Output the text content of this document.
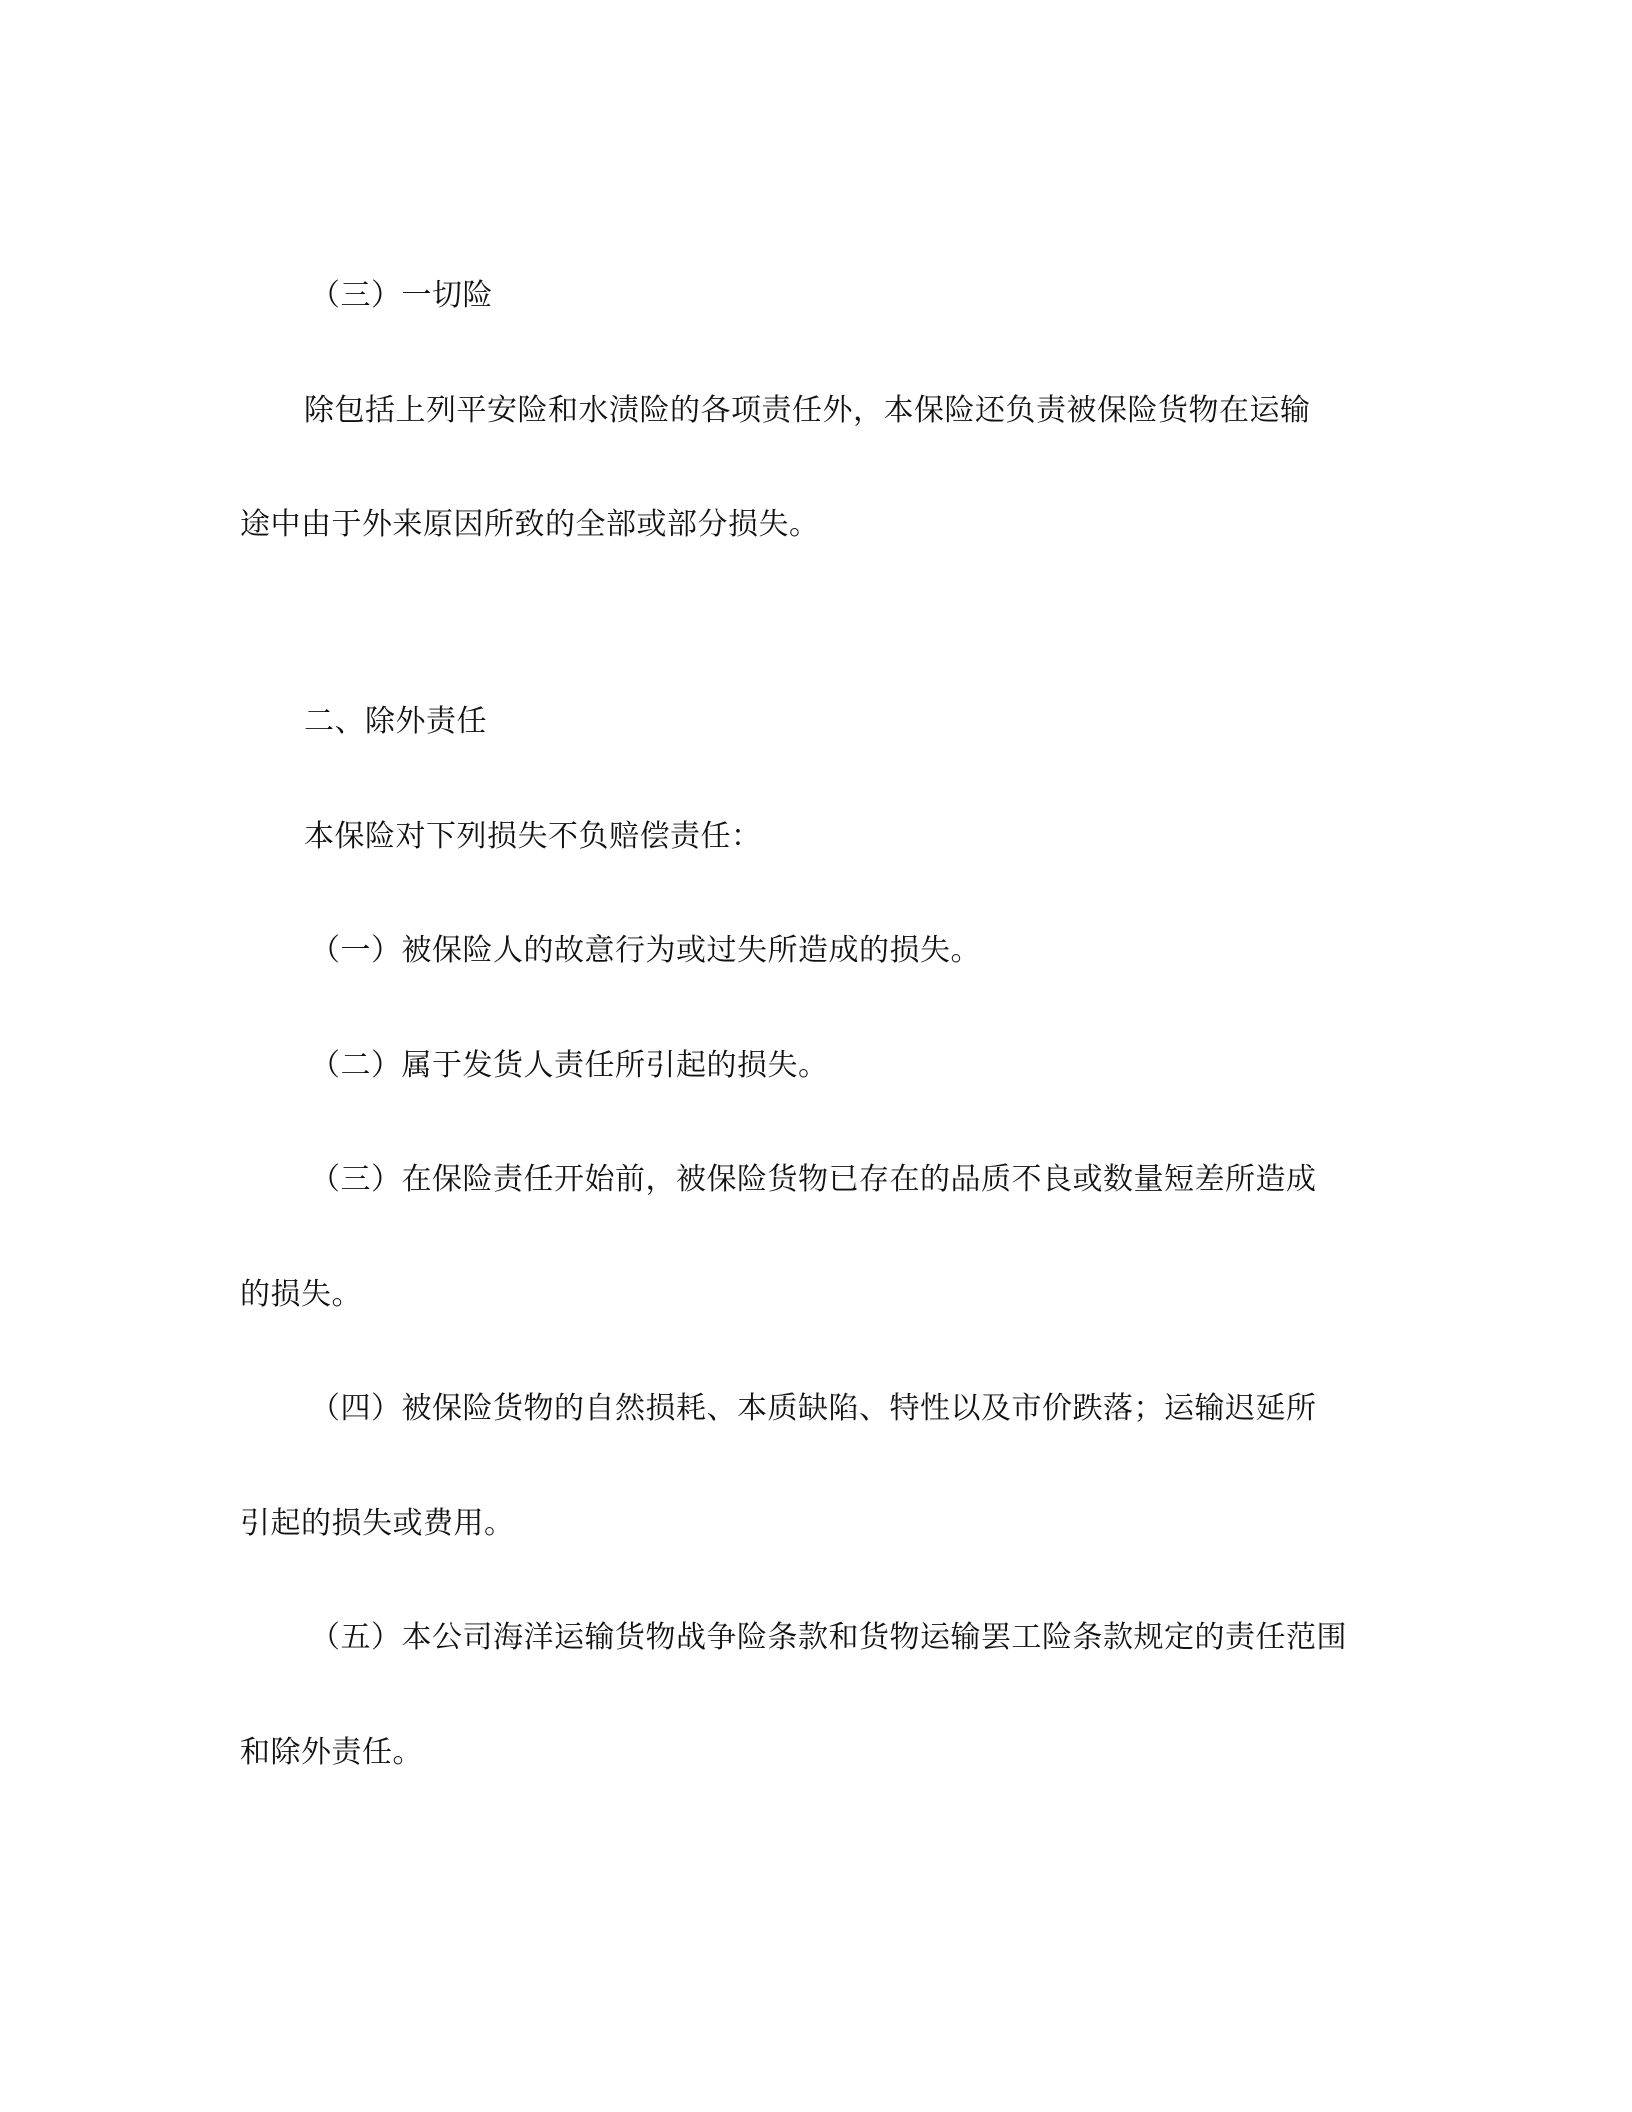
（三）一切险
除包括上列平安险和水渍险的各项责任外，本保险还负责被保险货物在运输
途中由于外来原因所致的全部或部分损失。
二、除外责任
本保险对下列损失不负赔偿责任：
（一）被保险人的故意行为或过失所造成的损失。
（二）属于发货人责任所引起的损失。
（三）在保险责任开始前，被保险货物已存在的品质不良或数量短差所造成
的损失。
（四）被保险货物的自然损耗、本质缺陷、特性以及市价跌落；运输迟延所
引起的损失或费用。
（五）本公司海洋运输货物战争险条款和货物运输罢工险条款规定的责任范围
和除外责任。
